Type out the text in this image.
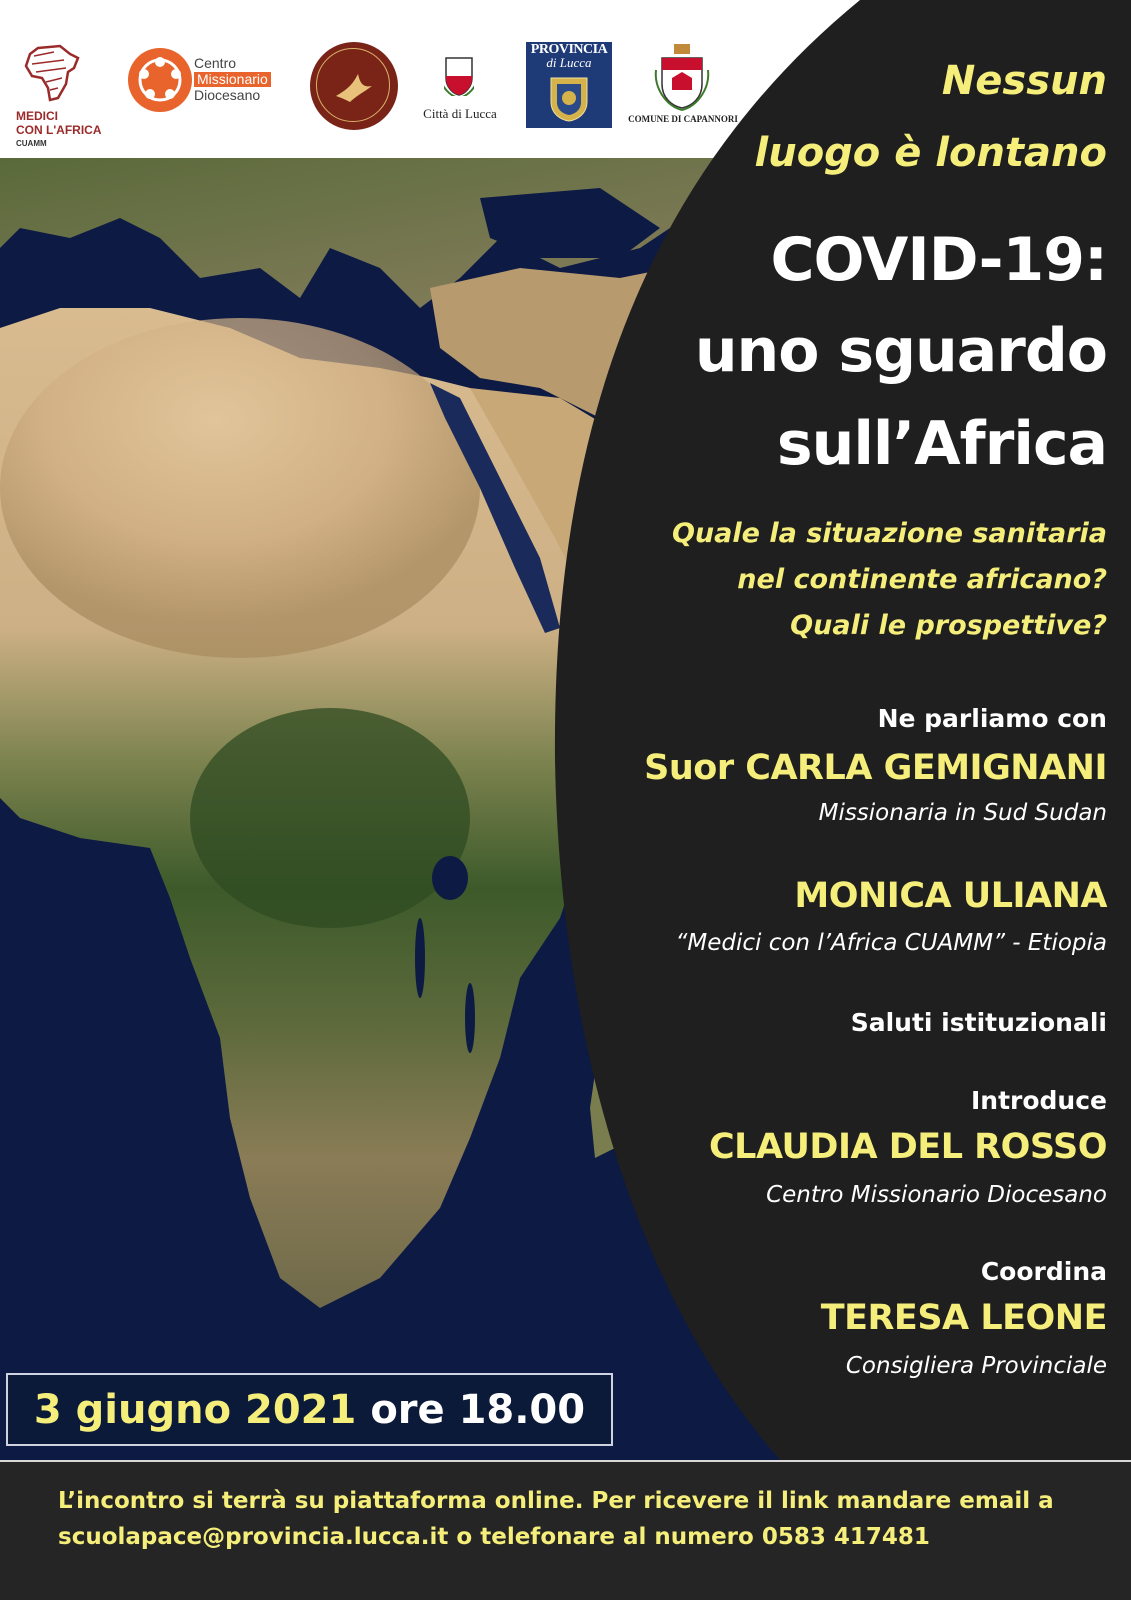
MEDICI
CON L'AFRICA
CUAMM
Centro
Missionario
Diocesano
Città di Lucca
PROVINCIA
di Lucca
COMUNE DI CAPANNORI
Nessun
luogo è lontano
COVID-19:
uno sguardo
sull’Africa
Quale la situazione sanitaria
nel continente africano?
Quali le prospettive?
Ne parliamo con
Suor CARLA GEMIGNANI
Missionaria in Sud Sudan
MONICA ULIANA
“Medici con l’Africa CUAMM” - Etiopia
Saluti istituzionali
Introduce
CLAUDIA DEL ROSSO
Centro Missionario Diocesano
Coordina
TERESA LEONE
Consigliera Provinciale
3 giugno 2021 ore 18.00
L’incontro si terrà su piattaforma online. Per ricevere il link mandare email a
scuolapace@provincia.lucca.it o telefonare al numero 0583 417481
